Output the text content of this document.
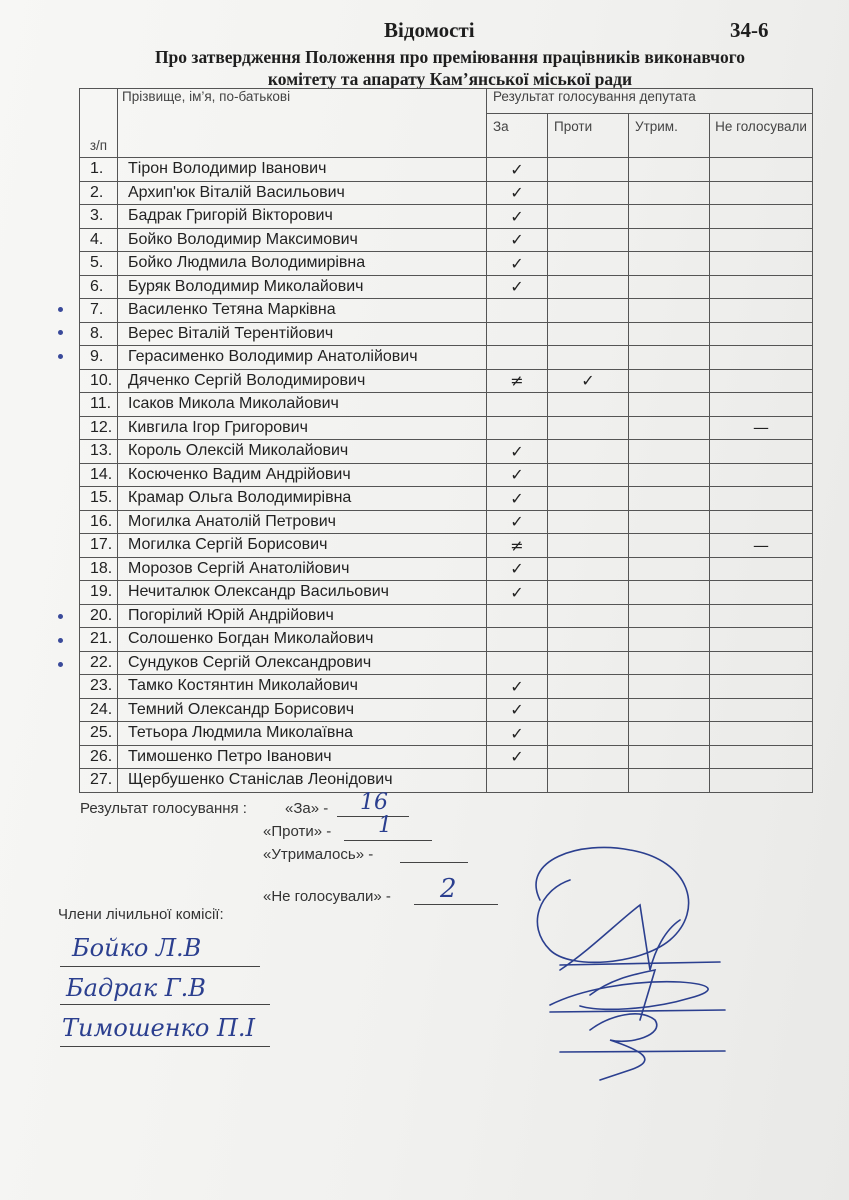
Відомості	34-6
Про затвердження Положення про преміювання працівників виконавчого
комітету та апарату Кам’янської міської ради
з/п	Прізвище, ім’я, по-батькові	Результат голосування депутата			
		За	Проти	Утрим.	Не голосували
1.	Тірон Володимир Іванович	✓			
2.	Архип'юк Віталій Васильович	✓			
3.	Бадрак Григорій Вікторович	✓			
4.	Бойко Володимир Максимович	✓			
5.	Бойко Людмила Володимирівна	✓			
6.	Буряк Володимир Миколайович	✓			
7.	Василенко Тетяна Марківна				
8.	Верес Віталій Терентійович				
9.	Герасименко Володимир Анатолійович				
10.	Дяченко Сергій Володимирович	≠	✓		
11.	Ісаков Микола Миколайович				
12.	Кивгила Ігор Григорович				—
13.	Король Олексій Миколайович	✓			
14.	Косюченко Вадим Андрійович	✓			
15.	Крамар Ольга Володимирівна	✓			
16.	Могилка Анатолій Петрович	✓			
17.	Могилка Сергій Борисович	≠			—
18.	Морозов Сергій Анатолійович	✓			
19.	Нечиталюк Олександр Васильович	✓			
20.	Погорілий Юрій Андрійович				
21.	Солошенко Богдан Миколайович				
22.	Сундуков Сергій Олександрович				
23.	Тамко Костянтин Миколайович	✓			
24.	Темний Олександр Борисович	✓			
25.	Тетьора Людмила Миколаївна	✓			
26.	Тимошенко Петро Іванович	✓			
27.	Щербушенко Станіслав Леонідович				
Результат голосування :	«За» - 16
«Проти» - 1
«Утрималось» -
«Не голосували» - 2
Члени лічильної комісії:
Бойко Л.В
Бадрак Г.В
Тимошенко П.І
